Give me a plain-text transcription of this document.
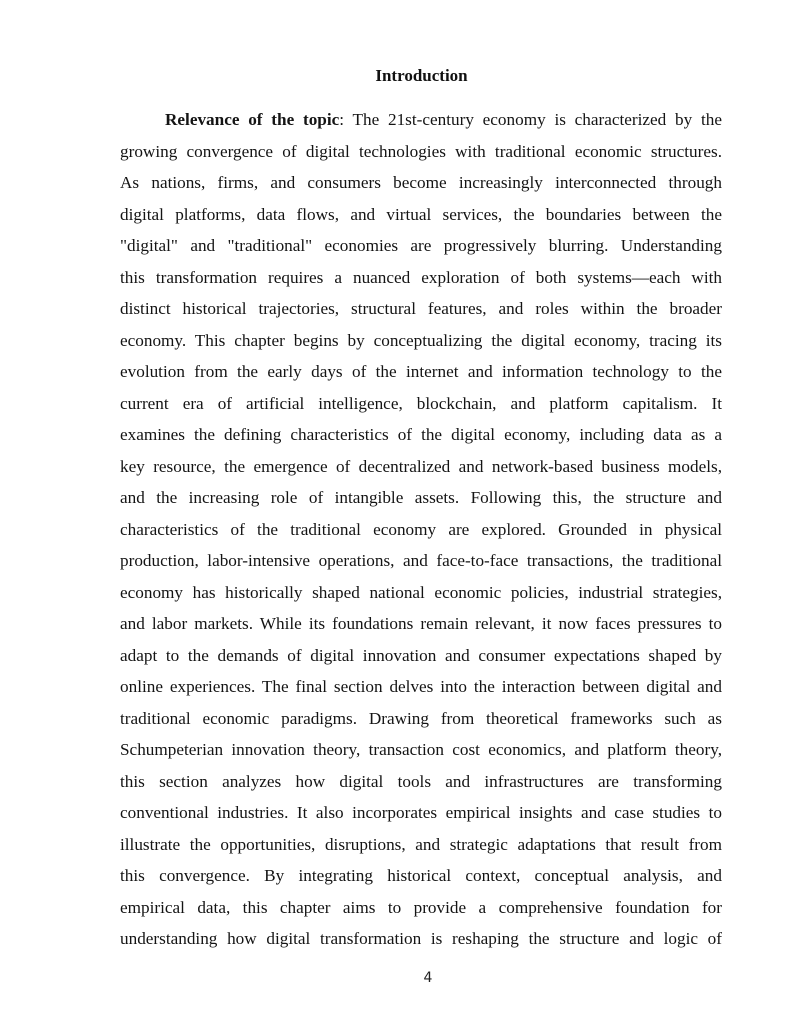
Introduction
Relevance of the topic: The 21st-century economy is characterized by the
growing convergence of digital technologies with traditional economic structures.
As nations, firms, and consumers become increasingly interconnected through
digital platforms, data flows, and virtual services, the boundaries between the
"digital" and "traditional" economies are progressively blurring. Understanding
this transformation requires a nuanced exploration of both systems—each with
distinct historical trajectories, structural features, and roles within the broader
economy. This chapter begins by conceptualizing the digital economy, tracing its
evolution from the early days of the internet and information technology to the
current era of artificial intelligence, blockchain, and platform capitalism. It
examines the defining characteristics of the digital economy, including data as a
key resource, the emergence of decentralized and network-based business models,
and the increasing role of intangible assets. Following this, the structure and
characteristics of the traditional economy are explored. Grounded in physical
production, labor-intensive operations, and face-to-face transactions, the traditional
economy has historically shaped national economic policies, industrial strategies,
and labor markets. While its foundations remain relevant, it now faces pressures to
adapt to the demands of digital innovation and consumer expectations shaped by
online experiences. The final section delves into the interaction between digital and
traditional economic paradigms. Drawing from theoretical frameworks such as
Schumpeterian innovation theory, transaction cost economics, and platform theory,
this section analyzes how digital tools and infrastructures are transforming
conventional industries. It also incorporates empirical insights and case studies to
illustrate the opportunities, disruptions, and strategic adaptations that result from
this convergence. By integrating historical context, conceptual analysis, and
empirical data, this chapter aims to provide a comprehensive foundation for
understanding how digital transformation is reshaping the structure and logic of
4
